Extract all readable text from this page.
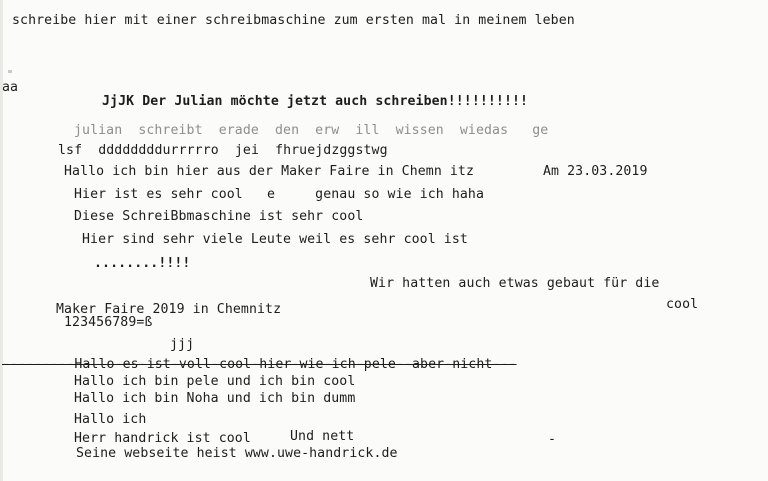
schreibe hier mit einer schreibmaschine zum ersten mal in meinem leben
aa
JjJK Der Julian möchte jetzt auch schreiben!!!!!!!!!!
julian  schreibt  erade  den  erw  ill  wissen  wiedas   ge
lsf  ddddddddurrrrro  jei  fhruejdzggstwg
Hallo ich bin hier aus der Maker Faire in Chemn itz	Am 23.03.2019
Hier ist es sehr cool   e     genau so wie ich haha
Diese SchreiBbmaschine ist sehr cool
Hier sind sehr viele Leute weil es sehr cool ist
........!!!!
Wir hatten auch etwas gebaut für die
cool
Maker Faire 2019 in Chemnitz
123456789=ß
jjj
---------Hallo-es-ist-voll-cool-hier-wie-ich-pele--aber-nicht---
Hallo ich bin pele und ich bin cool
Hallo ich bin Noha und ich bin dumm
Hallo ich
Herr handrick ist cool	Und nett
Seine webseite heist www.uwe-handrick.de
-
